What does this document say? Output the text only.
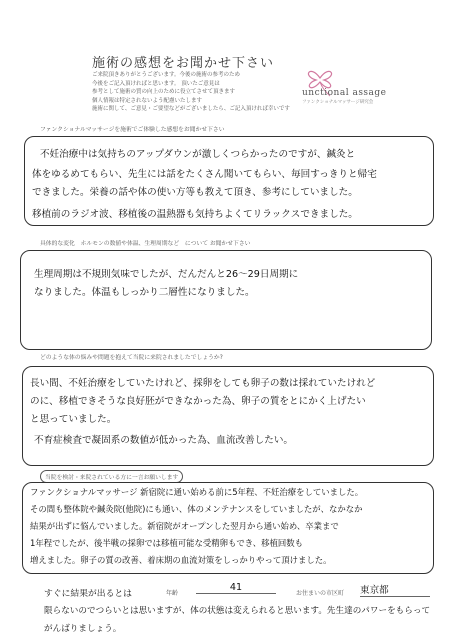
施術の感想をお聞かせ下さい
ご来院頂きありがとうございます。今後の施術の参考のため
今後をご記入頂ければと思います。 頂いたご意見は
参考として施術の質の向上のために役立てさせて頂きます
個人情報は特定されないよう配慮いたします
施術に関して、ご意見・ご要望などがございましたら、ご記入頂ければ幸いです
unctional assage
ファンクショナルマッサージ研究会
ファンクショナルマッサージを施術でご体験した感想をお聞かせ下さい
不妊治療中は気持ちのアップダウンが激しくつらかったのですが、鍼灸と
体をゆるめてもらい、先生には話をたくさん聞いてもらい、毎回すっきりと帰宅
できました。栄養の話や体の使い方等も教えて頂き、参考にしていました。
移植前のラジオ波、移植後の温熱器も気持ちよくてリラックスできました。
具体的な変化　ホルモンの数値や体温、生理周期など　について お聞かせ下さい
生理周期は不規則気味でしたが、だんだんと26〜29日周期に
なりました。体温もしっかり二層性になりました。
どのような体の悩みや問題を抱えて当院に来院されましたでしょうか?
長い間、不妊治療をしていたけれど、採卵をしても卵子の数は採れていたけれど
のに、移植できそうな良好胚ができなかった為、卵子の質をとにかく上げたい
と思っていました。
不育症検査で凝固系の数値が低かった為、血流改善したい。
当院を検討・来院されている方に一言お願いします
ファンクショナルマッサージ 新宿院に通い始める前に5年程、不妊治療をしていました。
その間も整体院や鍼灸院(他院)にも通い、体のメンテナンスをしていましたが、なかなか
結果が出ずに悩んでいました。新宿院がオープンした翌月から通い始め、卒業まで
1年程でしたが、後半戦の採卵では移植可能な受精卵もでき、移植回数も
増えました。卵子の質の改善、着床期の血流対策をしっかりやって頂けました。
すぐに結果が出るとは	年齢
41
お住まいの市区町 東京都
限らないのでつらいとは思いますが、体の状態は変えられると思います。先生達のパワーをもらって
がんばりましょう。
